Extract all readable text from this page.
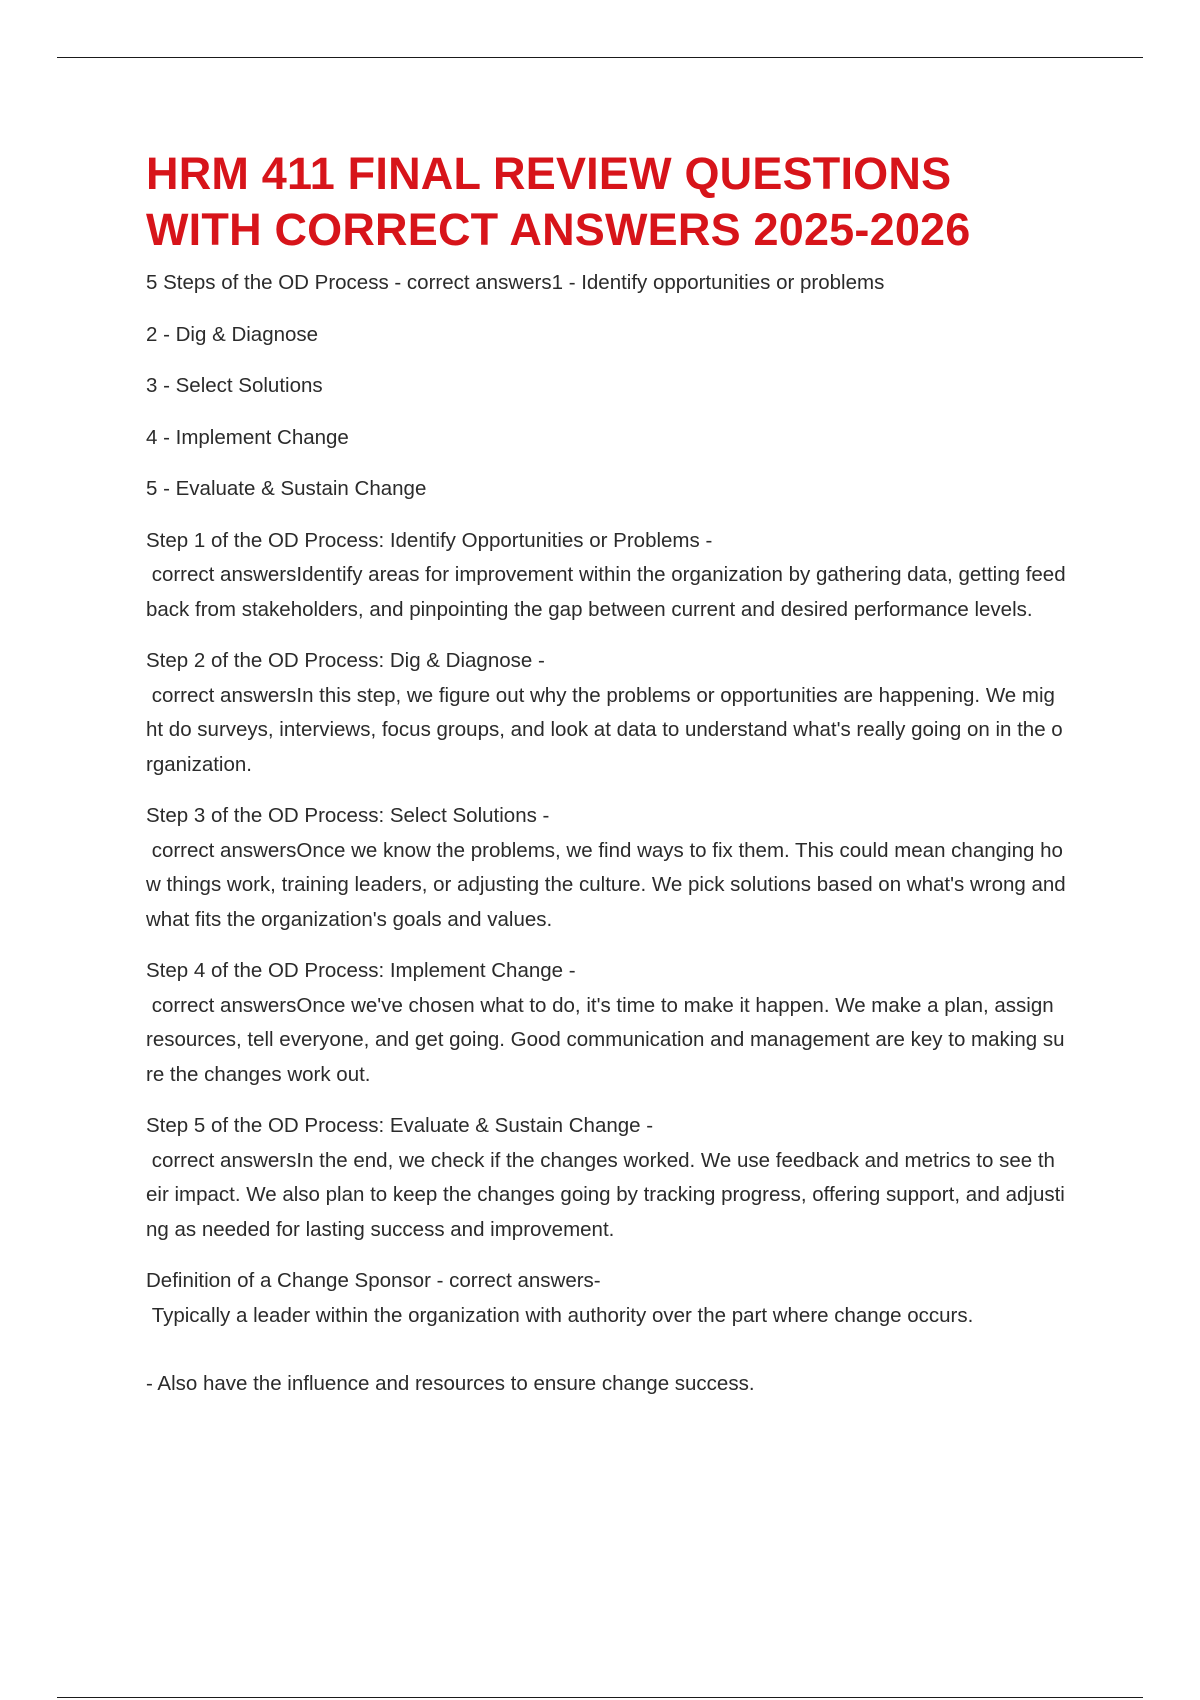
HRM 411 FINAL REVIEW QUESTIONS WITH CORRECT ANSWERS 2025-2026

5 Steps of the OD Process - correct answers1 - Identify opportunities or problems

2 - Dig & Diagnose

3 - Select Solutions

4 - Implement Change

5 - Evaluate & Sustain Change

Step 1 of the OD Process: Identify Opportunities or Problems -
correct answersIdentify areas for improvement within the organization by gathering data, getting feedback from stakeholders, and pinpointing the gap between current and desired performance levels.

Step 2 of the OD Process: Dig & Diagnose -
correct answersIn this step, we figure out why the problems or opportunities are happening. We might do surveys, interviews, focus groups, and look at data to understand what's really going on in the organization.

Step 3 of the OD Process: Select Solutions -
correct answersOnce we know the problems, we find ways to fix them. This could mean changing how things work, training leaders, or adjusting the culture. We pick solutions based on what's wrong and what fits the organization's goals and values.

Step 4 of the OD Process: Implement Change -
correct answersOnce we've chosen what to do, it's time to make it happen. We make a plan, assign resources, tell everyone, and get going. Good communication and management are key to making sure the changes work out.

Step 5 of the OD Process: Evaluate & Sustain Change -
correct answersIn the end, we check if the changes worked. We use feedback and metrics to see their impact. We also plan to keep the changes going by tracking progress, offering support, and adjusting as needed for lasting success and improvement.

Definition of a Change Sponsor - correct answers-
Typically a leader within the organization with authority over the part where change occurs.

- Also have the influence and resources to ensure change success.
